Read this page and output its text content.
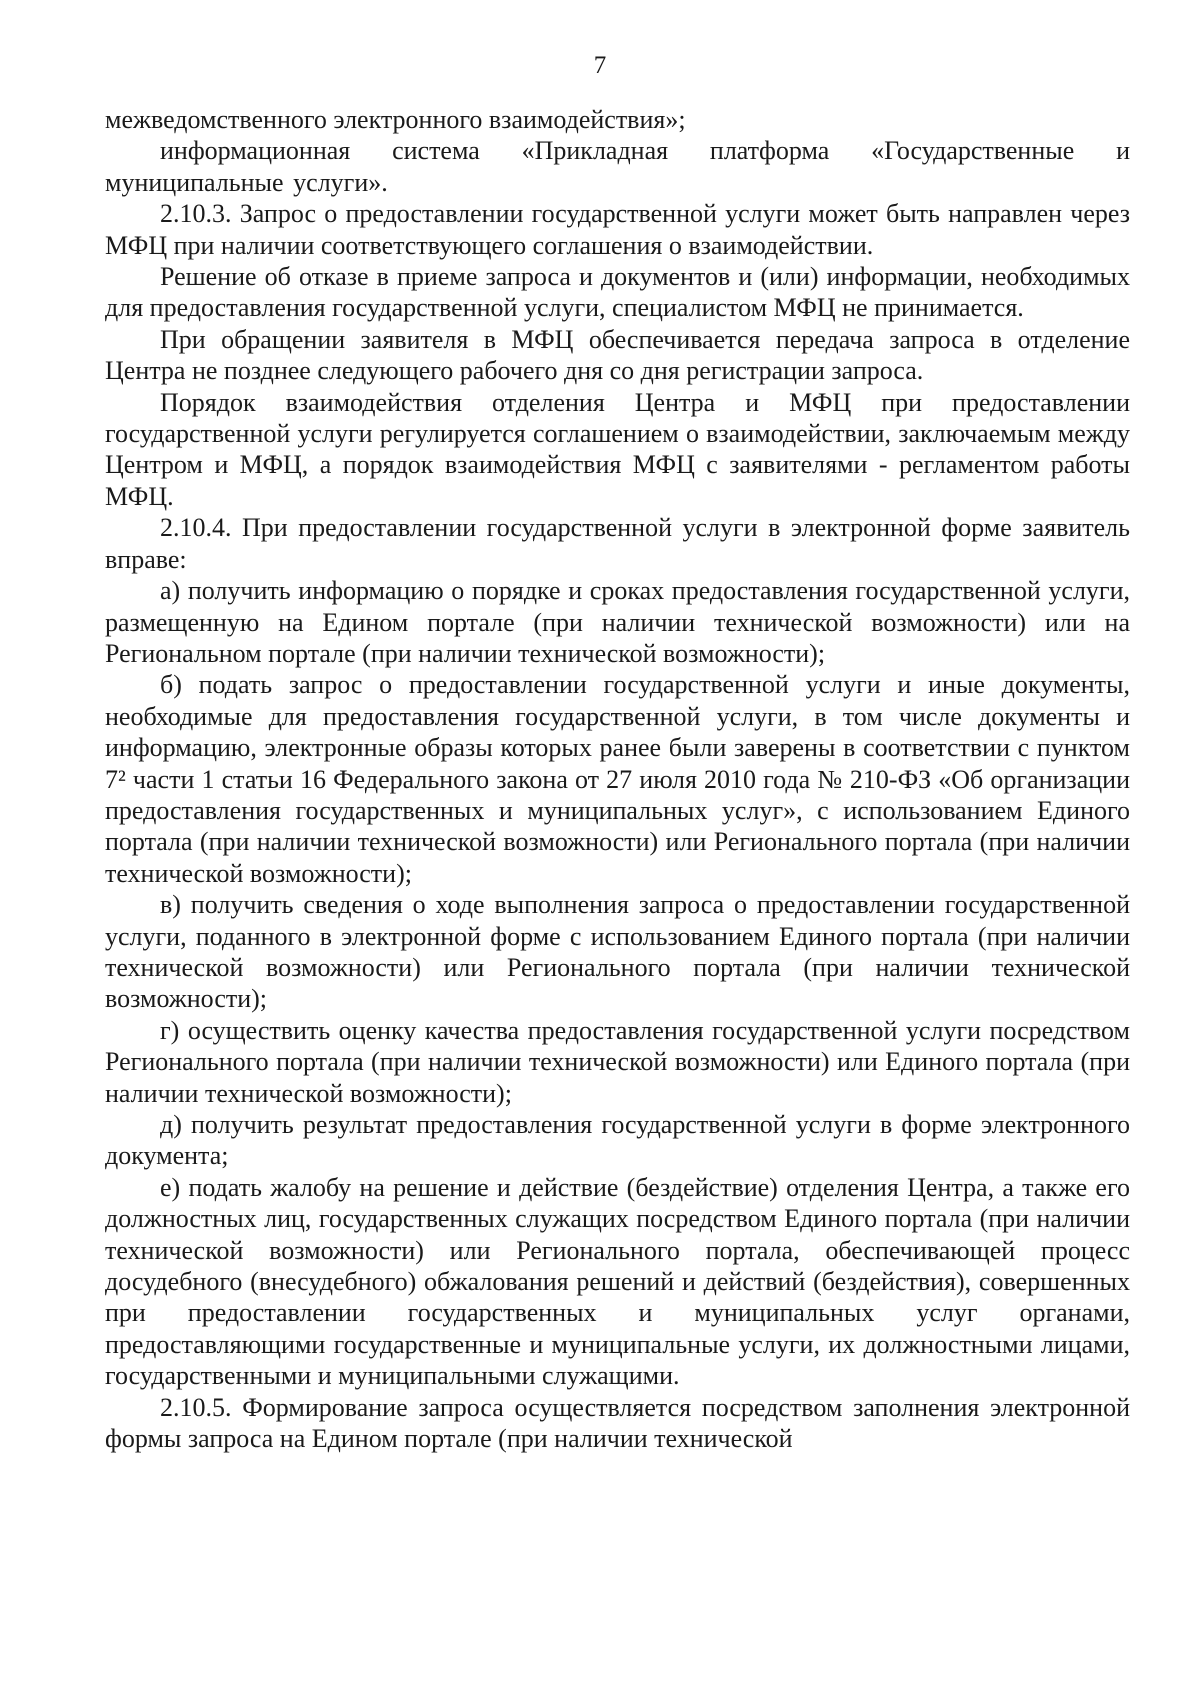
7

межведомственного электронного взаимодействия»;

информационная система «Прикладная платформа «Государственные и муниципальные услуги».

2.10.3. Запрос о предоставлении государственной услуги может быть направлен через МФЦ при наличии соответствующего соглашения о взаимодействии.

Решение об отказе в приеме запроса и документов и (или) информации, необходимых для предоставления государственной услуги, специалистом МФЦ не принимается.

При обращении заявителя в МФЦ обеспечивается передача запроса в отделение Центра не позднее следующего рабочего дня со дня регистрации запроса.

Порядок взаимодействия отделения Центра и МФЦ при предоставлении государственной услуги регулируется соглашением о взаимодействии, заключаемым между Центром и МФЦ, а порядок взаимодействия МФЦ с заявителями - регламентом работы МФЦ.

2.10.4. При предоставлении государственной услуги в электронной форме заявитель вправе:

а) получить информацию о порядке и сроках предоставления государственной услуги, размещенную на Едином портале (при наличии технической возможности) или на Региональном портале (при наличии технической возможности);

б) подать запрос о предоставлении государственной услуги и иные документы, необходимые для предоставления государственной услуги, в том числе документы и информацию, электронные образы которых ранее были заверены в соответствии с пунктом 7² части 1 статьи 16 Федерального закона от 27 июля 2010 года № 210-ФЗ «Об организации предоставления государственных и муниципальных услуг», с использованием Единого портала (при наличии технической возможности) или Регионального портала (при наличии технической возможности);

в) получить сведения о ходе выполнения запроса о предоставлении государственной услуги, поданного в электронной форме с использованием Единого портала (при наличии технической возможности) или Регионального портала (при наличии технической возможности);

г) осуществить оценку качества предоставления государственной услуги посредством Регионального портала (при наличии технической возможности) или Единого портала (при наличии технической возможности);

д) получить результат предоставления государственной услуги в форме электронного документа;

е) подать жалобу на решение и действие (бездействие) отделения Центра, а также его должностных лиц, государственных служащих посредством Единого портала (при наличии технической возможности) или Регионального портала, обеспечивающей процесс досудебного (внесудебного) обжалования решений и действий (бездействия), совершенных при предоставлении государственных и муниципальных услуг органами, предоставляющими государственные и муниципальные услуги, их должностными лицами, государственными и муниципальными служащими.

2.10.5. Формирование запроса осуществляется посредством заполнения электронной формы запроса на Едином портале (при наличии технической
